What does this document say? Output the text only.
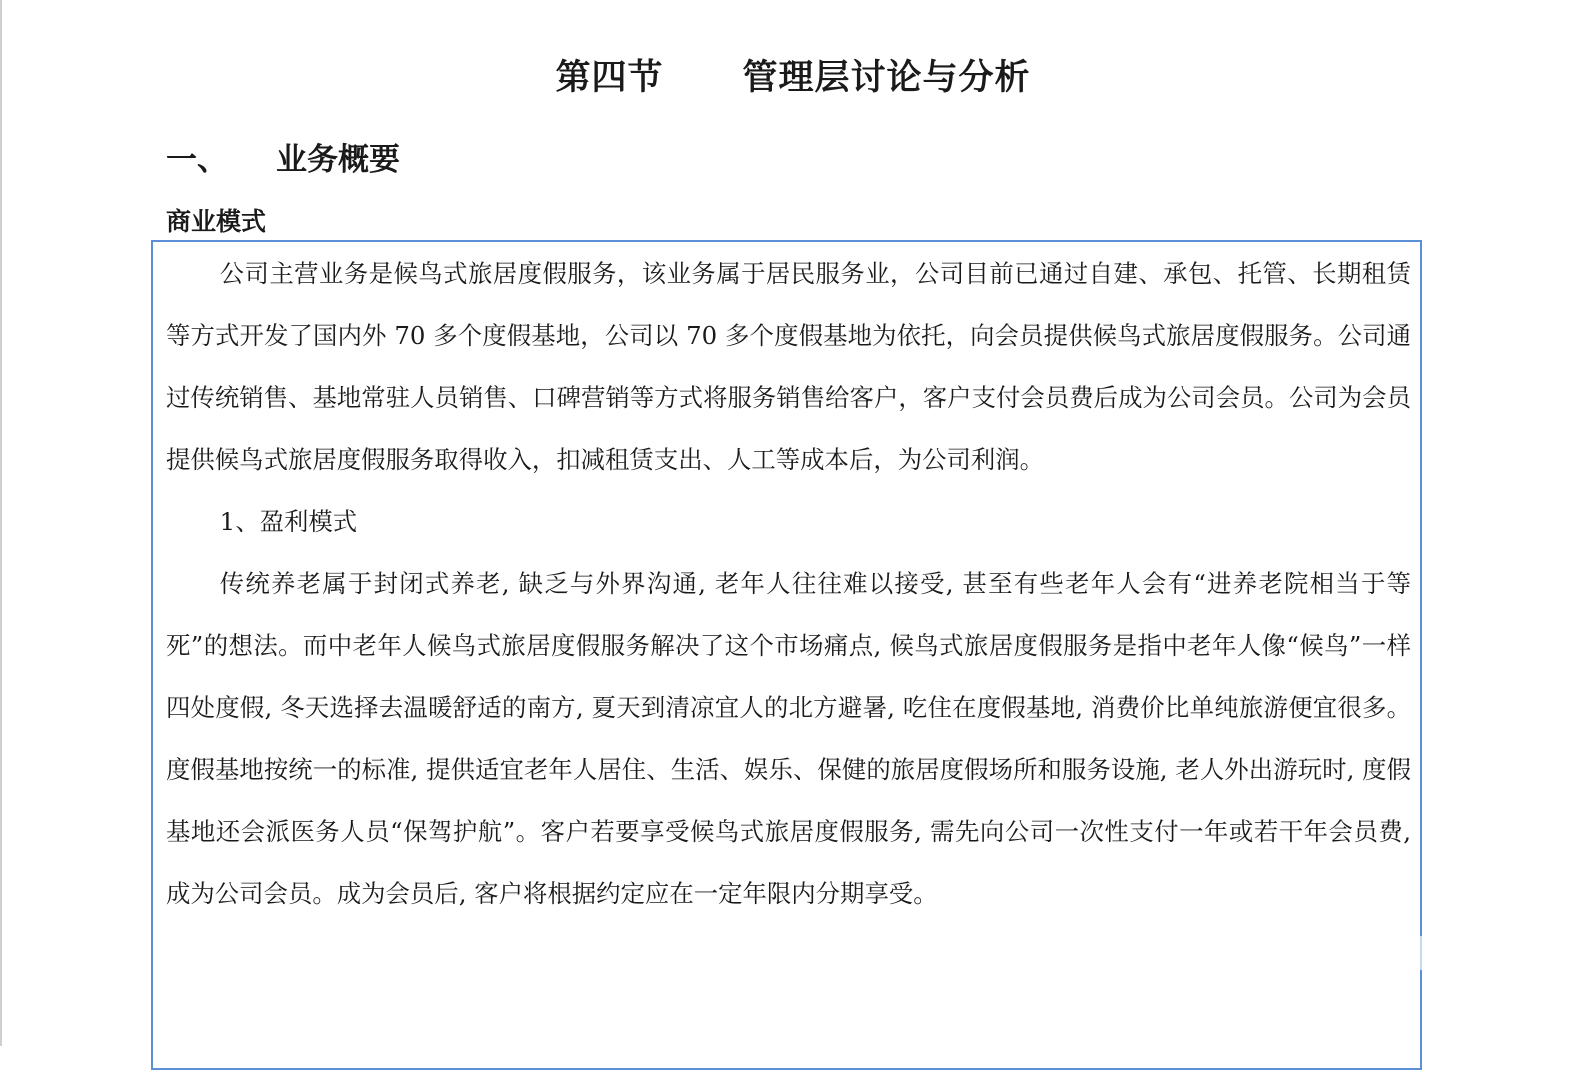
第四节      管理层讨论与分析
一、 业务概要
商业模式

公司主营业务是候鸟式旅居度假服务，该业务属于居民服务业，公司目前已通过自建、承包、托管、长期租赁等方式开发了国内外 70 多个度假基地，公司以 70 多个度假基地为依托，向会员提供候鸟式旅居度假服务。公司通过传统销售、基地常驻人员销售、口碑营销等方式将服务销售给客户，客户支付会员费后成为公司会员。公司为会员提供候鸟式旅居度假服务取得收入，扣减租赁支出、人工等成本后，为公司利润。

1、盈利模式

传统养老属于封闭式养老, 缺乏与外界沟通, 老年人往往难以接受, 甚至有些老年人会有“进养老院相当于等死”的想法。而中老年人候鸟式旅居度假服务解决了这个市场痛点, 候鸟式旅居度假服务是指中老年人像“候鸟”一样四处度假, 冬天选择去温暖舒适的南方, 夏天到清凉宜人的北方避暑, 吃住在度假基地, 消费价比单纯旅游便宜很多。度假基地按统一的标准, 提供适宜老年人居住、生活、娱乐、保健的旅居度假场所和服务设施, 老人外出游玩时, 度假基地还会派医务人员“保驾护航”。客户若要享受候鸟式旅居度假服务, 需先向公司一次性支付一年或若干年会员费, 成为公司会员。成为会员后, 客户将根据约定应在一定年限内分期享受。
